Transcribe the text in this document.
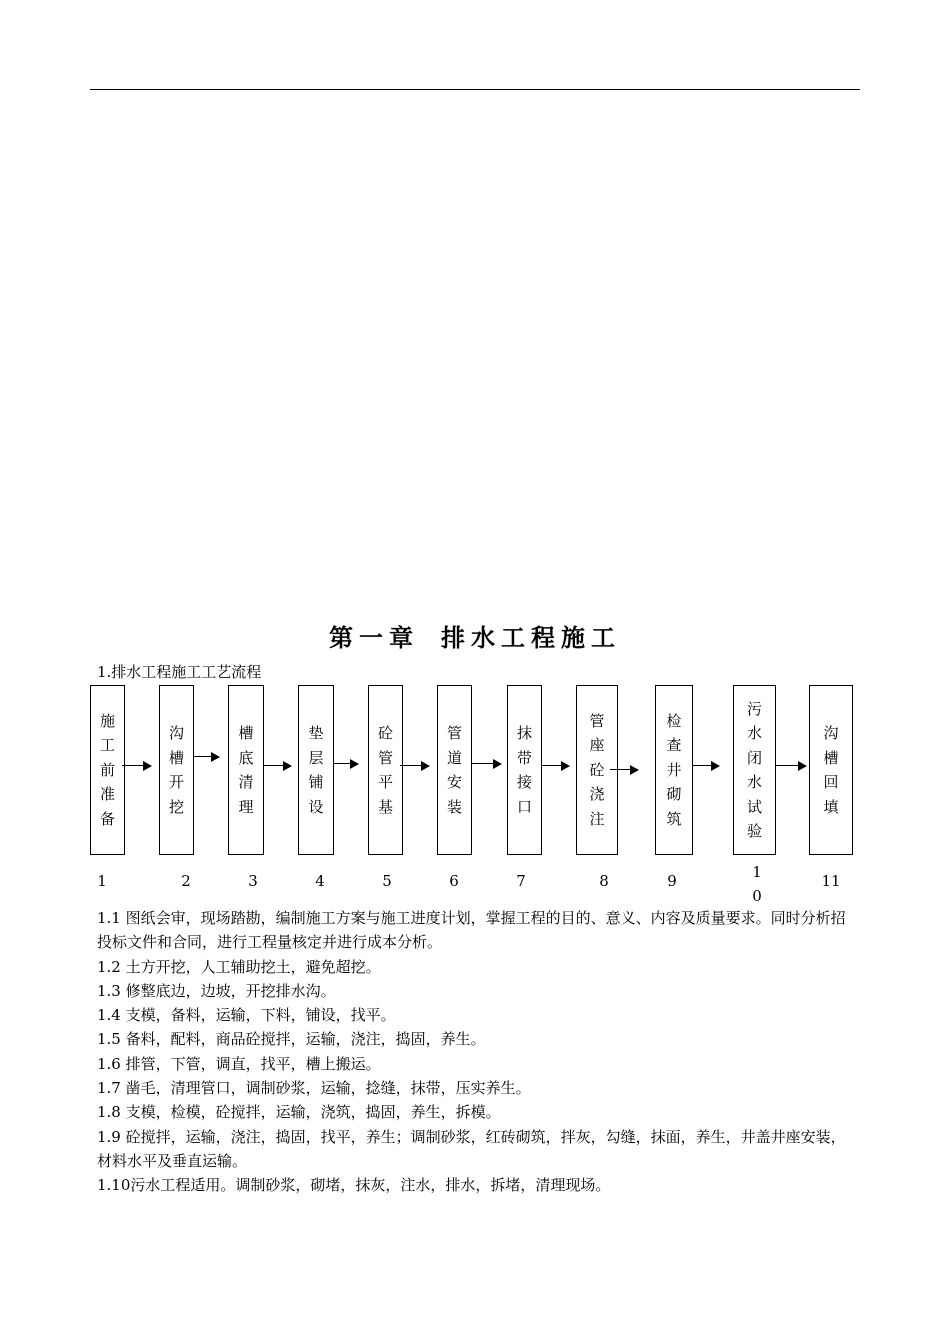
第一章 排水工程施工
1.排水工程施工工艺流程
施
工
前
准
备
1
沟
槽
开
挖
2
槽
底
清
理
3
垫
层
铺
设
4
砼
管
平
基
5
管
道
安
装
6
抹
带
接
口
7
管
座
砼
浇
注
8
检
查
井
砌
筑
9
污
水
闭
水
试
验
1
0
沟
槽
回
填
11

1.1 图纸会审，现场踏勘，编制施工方案与施工进度计划，掌握工程的目的、意义、内容及质量要求。同时分析招投标文件和合同，进行工程量核定并进行成本分析。

1.2 土方开挖，人工辅助挖土，避免超挖。

1.3 修整底边，边坡，开挖排水沟。

1.4 支模，备料，运输，下料，铺设，找平。

1.5 备料，配料，商品砼搅拌，运输，浇注，捣固，养生。

1.6 排管，下管，调直，找平，槽上搬运。

1.7 凿毛，清理管口，调制砂浆，运输，捻缝，抹带，压实养生。

1.8 支模，检模，砼搅拌，运输，浇筑，捣固，养生，拆模。

1.9 砼搅拌，运输，浇注，捣固，找平，养生；调制砂浆，红砖砌筑，拌灰，勾缝，抹面，养生，井盖井座安装，材料水平及垂直运输。

1.10污水工程适用。调制砂浆，砌堵，抹灰，注水，排水，拆堵，清理现场。
